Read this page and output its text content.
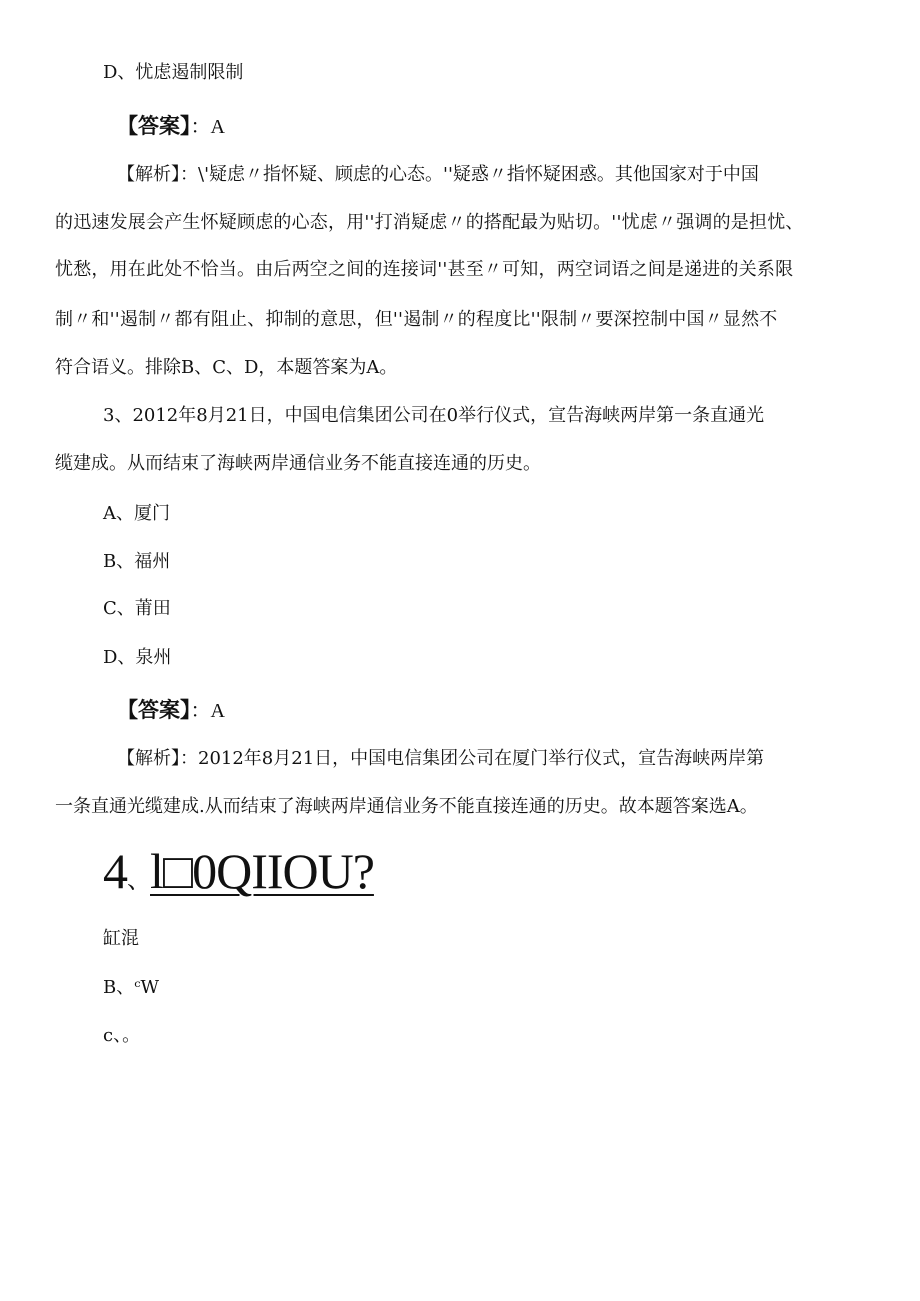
D、忧虑遏制限制
【答案】：A
【解析】：\'疑虑〃指怀疑、顾虑的心态。''疑惑〃指怀疑困惑。其他国家对于中国
的迅速发展会产生怀疑顾虑的心态，用''打消疑虑〃的搭配最为贴切。''忧虑〃强调的是担忧、
忧愁，用在此处不恰当。由后两空之间的连接词''甚至〃可知，两空词语之间是递进的关系限
制〃和''遏制〃都有阻止、抑制的意思，但''遏制〃的程度比''限制〃要深控制中国〃显然不
符合语义。排除B、C、D，本题答案为A。
3、2012年8月21日，中国电信集团公司在0举行仪式，宣告海峡两岸第一条直通光
缆建成。从而结束了海峡两岸通信业务不能直接连通的历史。
A、厦门
B、福州
C、莆田
D、泉州
【答案】：A
【解析】：2012年8月21日，中国电信集团公司在厦门举行仪式，宣告海峡两岸第
一条直通光缆建成.从而结束了海峡两岸通信业务不能直接连通的历史。故本题答案选A。
4、l□0QIIOU?
缸混
B、ᶜW
c、。
